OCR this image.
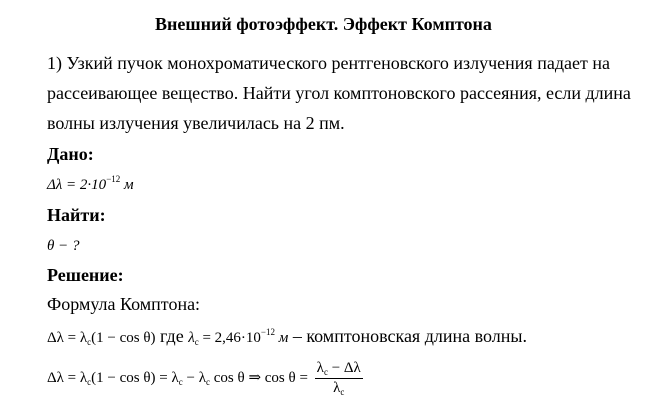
Внешний фотоэффект. Эффект Комптона
1) Узкий пучок монохроматического рентгеновского излучения падает на
рассеивающее вещество. Найти угол комптоновского рассеяния, если длина
волны излучения увеличилась на 2 пм.
Дано:
$\Delta\lambda = 2\cdot 10^{-12}$ м
Найти:
θ − ?
Решение:
Формула Комптона:
$\Delta\lambda = \lambda_c(1 - \cos \theta)$ где $\lambda_c = 2,46\cdot 10^{-12}$ м – комптоновская длина волны.
$\Delta\lambda = \lambda_c(1 - \cos \theta) = \lambda_c - \lambda_c$ cos θ ⇒ $\cos \theta = \frac{\lambda_c - \Delta\lambda}{\lambda_c}$
